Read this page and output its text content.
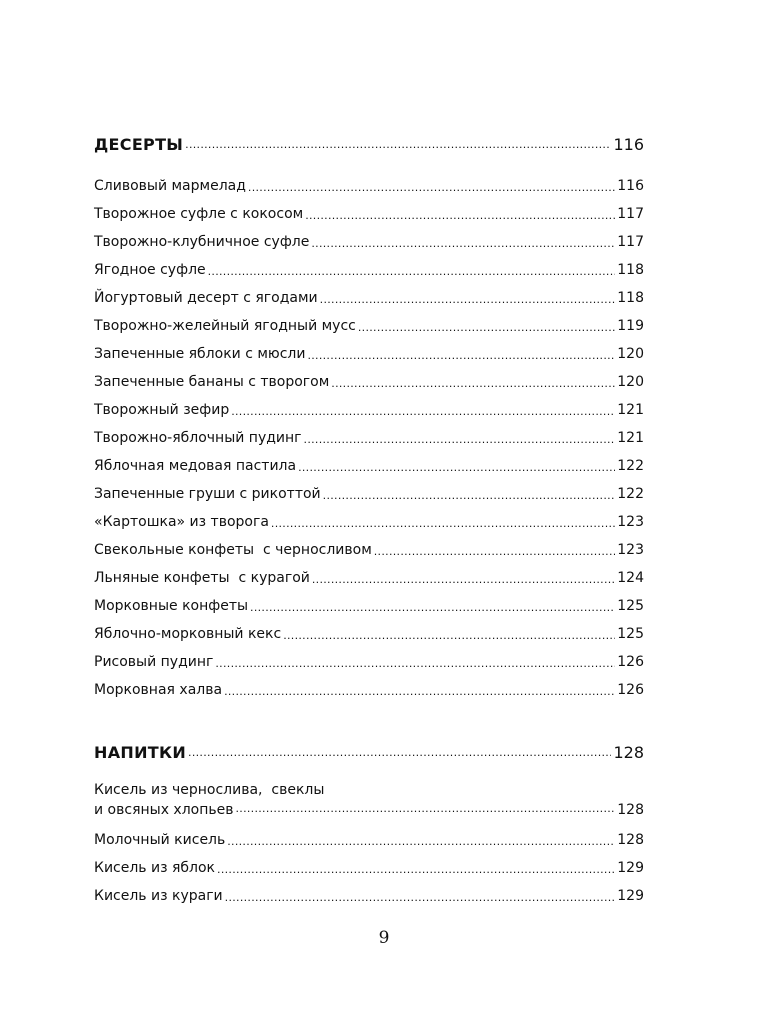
ДЕСЕРТЫ . . .	116
Сливовый мармелад . . .	116
Творожное суфле с кокосом . . .	117
Творожно-клубничное суфле . . .	117
Ягодное суфле . . .	118
Йогуртовый десерт с ягодами . . .	118
Творожно-желейный ягодный мусс . . .	119
Запеченные яблоки с мюсли . . .	120
Запеченные бананы с творогом . . .	120
Творожный зефир . . .	121
Творожно-яблочный пудинг . . .	121
Яблочная медовая пастила . . .	122
Запеченные груши с рикоттой . . .	122
«Картошка» из творога . . .	123
Свекольные конфеты  с черносливом . . .	123
Льняные конфеты  с курагой . . .	124
Морковные конфеты . . .	125
Яблочно-морковный кекс . . .	125
Рисовый пудинг . . .	126
Морковная халва . . .	126
НАПИТКИ . . .	128
Кисель из чернослива,  свеклы
и овсяных хлопьев . . .	128
Молочный кисель . . .	128
Кисель из яблок . . .	129
Кисель из кураги . . .	129
9
